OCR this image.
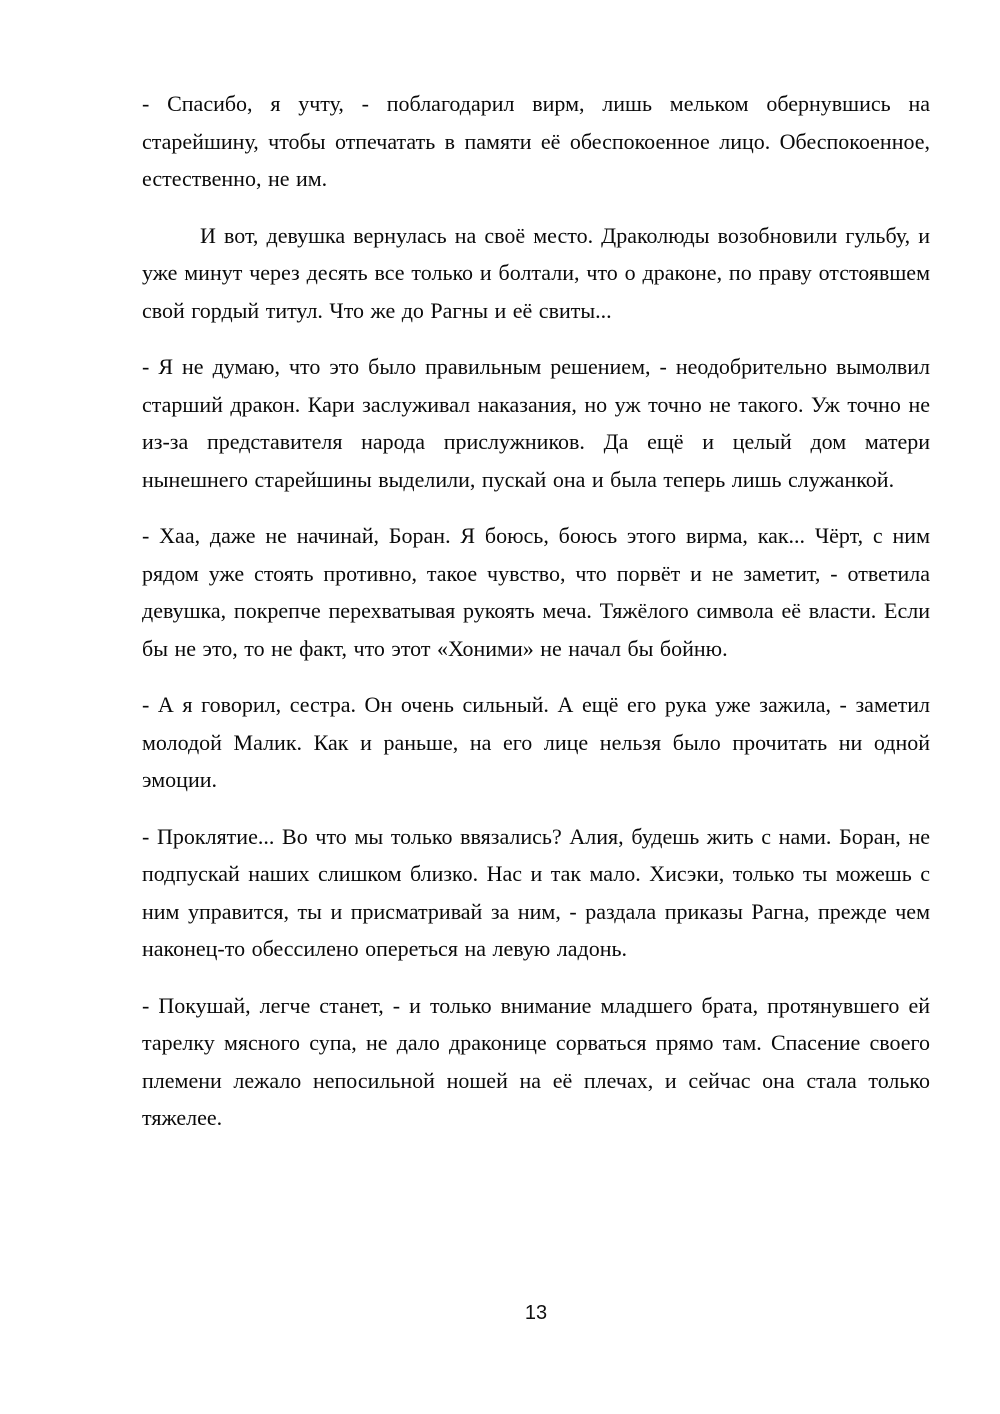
- Спасибо, я учту, - поблагодарил вирм, лишь мельком обернувшись на старейшину, чтобы отпечатать в памяти её обеспокоенное лицо. Обеспокоенное, естественно, не им.

И вот, девушка вернулась на своё место. Драколюды возобновили гульбу, и уже минут через десять все только и болтали, что о драконе, по праву отстоявшем свой гордый титул. Что же до Рагны и её свиты...

- Я не думаю, что это было правильным решением, - неодобрительно вымолвил старший дракон. Кари заслуживал наказания, но уж точно не такого. Уж точно не из-за представителя народа прислужников. Да ещё и целый дом матери нынешнего старейшины выделили, пускай она и была теперь лишь служанкой.

- Хаа, даже не начинай, Боран. Я боюсь, боюсь этого вирма, как... Чёрт, с ним рядом уже стоять противно, такое чувство, что порвёт и не заметит, - ответила девушка, покрепче перехватывая рукоять меча. Тяжёлого символа её власти. Если бы не это, то не факт, что этот «Хоними» не начал бы бойню.

- А я говорил, сестра. Он очень сильный. А ещё его рука уже зажила, - заметил молодой Малик. Как и раньше, на его лице нельзя было прочитать ни одной эмоции.

- Проклятие... Во что мы только ввязались? Алия, будешь жить с нами. Боран, не подпускай наших слишком близко. Нас и так мало. Хисэки, только ты можешь с ним управится, ты и присматривай за ним, - раздала приказы Рагна, прежде чем наконец-то обессилено опереться на левую ладонь.

- Покушай, легче станет, - и только внимание младшего брата, протянувшего ей тарелку мясного супа, не дало драконице сорваться прямо там. Спасение своего племени лежало непосильной ношей на её плечах, и сейчас она стала только тяжелее.

13
